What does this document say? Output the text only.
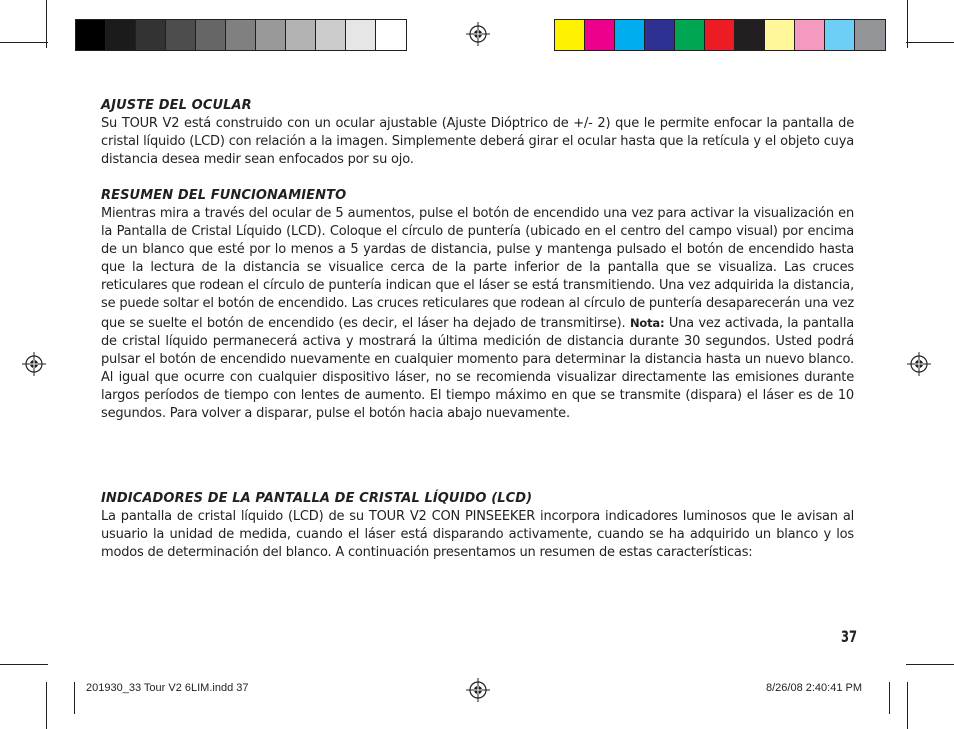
AJUSTE DEL OCULAR

Su TOUR V2 está construido con un ocular ajustable (Ajuste Dióptrico de +/- 2) que le permite enfocar la pantalla de cristal líquido (LCD) con relación a la imagen. Simplemente deberá girar el ocular hasta que la retícula y el objeto cuya distancia desea medir sean enfocados por su ojo.

RESUMEN DEL FUNCIONAMIENTO

Mientras mira a través del ocular de 5 aumentos, pulse el botón de encendido una vez para activar la visualización en la Pantalla de Cristal Líquido (LCD). Coloque el círculo de puntería (ubicado en el centro del campo visual) por encima de un blanco que esté por lo menos a 5 yardas de distancia, pulse y mantenga pulsado el botón de encendido hasta que la lectura de la distancia se visualice cerca de la parte inferior de la pantalla que se visualiza. Las cruces reticulares que rodean el círculo de puntería indican que el láser se está transmitiendo. Una vez adquirida la distancia, se puede soltar el botón de encendido. Las cruces reticulares que rodean al círculo de puntería desaparecerán una vez que se suelte el botón de encendido (es decir, el láser ha dejado de transmitirse). Nota: Una vez activada, la pantalla de cristal líquido permanecerá activa y mostrará la última medición de distancia durante 30 segundos. Usted podrá pulsar el botón de encendido nuevamente en cualquier momento para determinar la distancia hasta un nuevo blanco. Al igual que ocurre con cualquier dispositivo láser, no se recomienda visualizar directamente las emisiones durante largos períodos de tiempo con lentes de aumento. El tiempo máximo en que se transmite (dispara) el láser es de 10 segundos. Para volver a disparar, pulse el botón hacia abajo nuevamente.

INDICADORES DE LA PANTALLA DE CRISTAL LÍQUIDO (LCD)

La pantalla de cristal líquido (LCD) de su TOUR V2 CON PINSEEKER incorpora indicadores luminosos que le avisan al usuario la unidad de medida, cuando el láser está disparando activamente, cuando se ha adquirido un blanco y los modos de determinación del blanco. A continuación presentamos un resumen de estas características:

37
201930_33 Tour V2 6LIM.indd 37	8/26/08 2:40:41 PM
